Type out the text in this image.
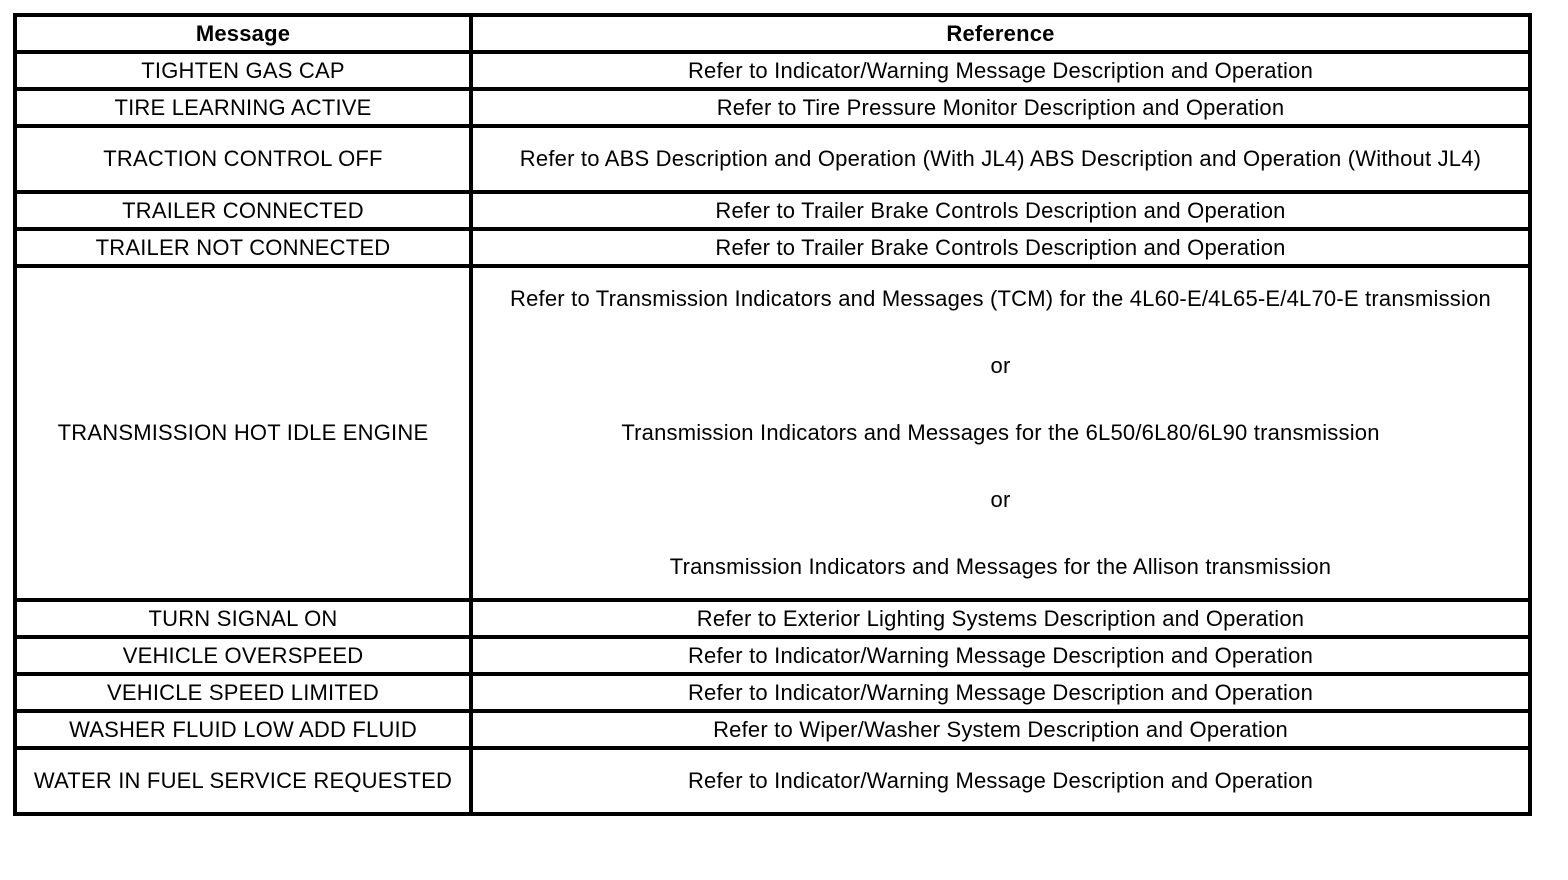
Message	Reference
TIGHTEN GAS CAP	Refer to Indicator/Warning Message Description and Operation
TIRE LEARNING ACTIVE	Refer to Tire Pressure Monitor Description and Operation
TRACTION CONTROL OFF	Refer to ABS Description and Operation (With JL4) ABS Description and Operation (Without JL4)
TRAILER CONNECTED	Refer to Trailer Brake Controls Description and Operation
TRAILER NOT CONNECTED	Refer to Trailer Brake Controls Description and Operation
TRANSMISSION HOT IDLE ENGINE	Refer to Transmission Indicators and Messages (TCM) for the 4L60-E/4L65-E/4L70-E transmission

or

Transmission Indicators and Messages for the 6L50/6L80/6L90 transmission

or

Transmission Indicators and Messages for the Allison transmission

TURN SIGNAL ON	Refer to Exterior Lighting Systems Description and Operation
VEHICLE OVERSPEED	Refer to Indicator/Warning Message Description and Operation
VEHICLE SPEED LIMITED	Refer to Indicator/Warning Message Description and Operation
WASHER FLUID LOW ADD FLUID	Refer to Wiper/Washer System Description and Operation
WATER IN FUEL SERVICE REQUESTED	Refer to Indicator/Warning Message Description and Operation
